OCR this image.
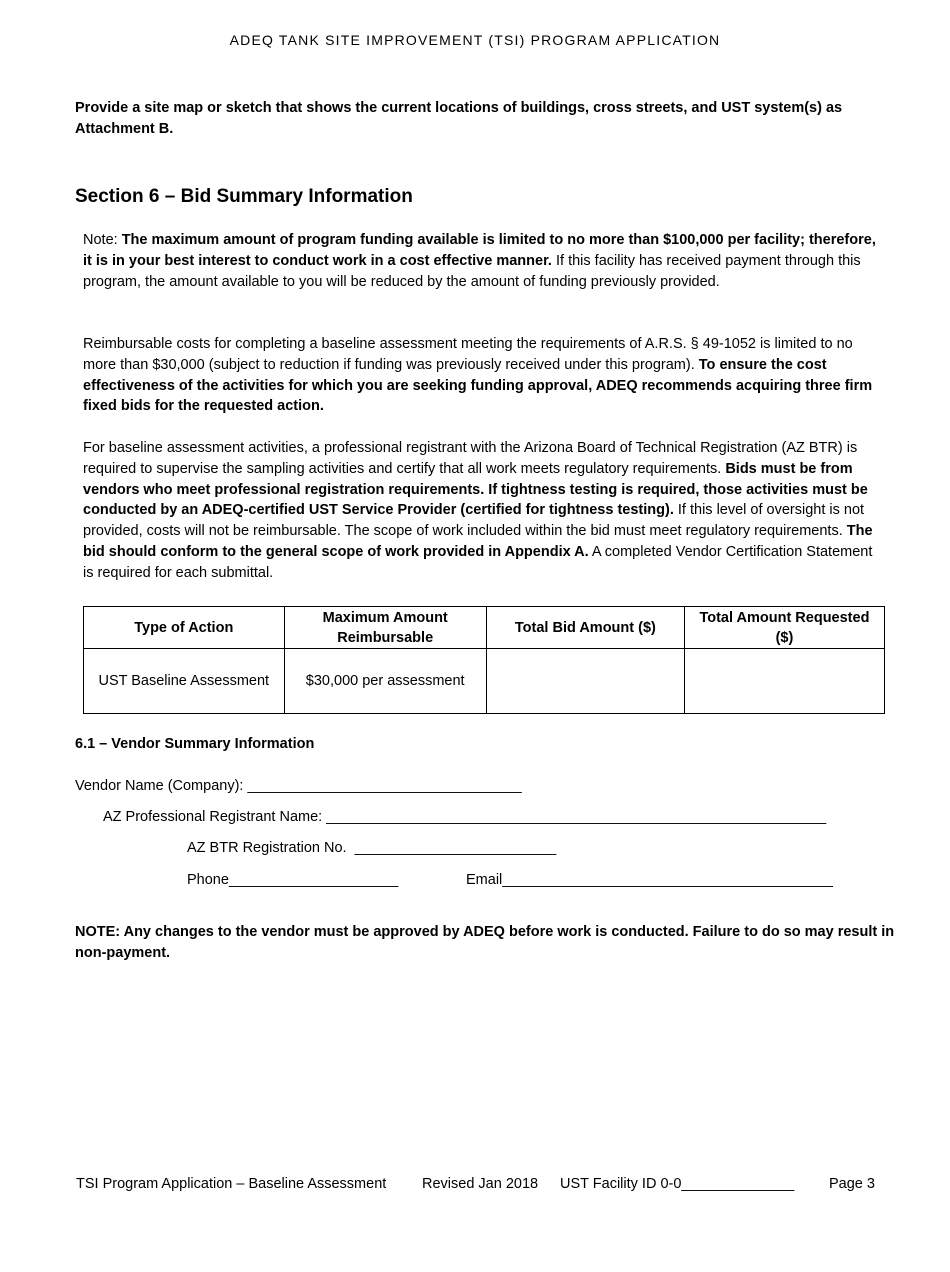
ADEQ TANK SITE IMPROVEMENT (TSI) PROGRAM APPLICATION
Provide a site map or sketch that shows the current locations of buildings, cross streets, and UST system(s) as Attachment B.
Section 6 – Bid Summary Information
Note: The maximum amount of program funding available is limited to no more than $100,000 per facility; therefore, it is in your best interest to conduct work in a cost effective manner. If this facility has received payment through this program, the amount available to you will be reduced by the amount of funding previously provided.
Reimbursable costs for completing a baseline assessment meeting the requirements of A.R.S. § 49-1052 is limited to no more than $30,000 (subject to reduction if funding was previously received under this program). To ensure the cost effectiveness of the activities for which you are seeking funding approval, ADEQ recommends acquiring three firm fixed bids for the requested action.
For baseline assessment activities, a professional registrant with the Arizona Board of Technical Registration (AZ BTR) is required to supervise the sampling activities and certify that all work meets regulatory requirements. Bids must be from vendors who meet professional registration requirements. If tightness testing is required, those activities must be conducted by an ADEQ-certified UST Service Provider (certified for tightness testing). If this level of oversight is not provided, costs will not be reimbursable. The scope of work included within the bid must meet regulatory requirements. The bid should conform to the general scope of work provided in Appendix A. A completed Vendor Certification Statement is required for each submittal.
Type of Action	Maximum Amount Reimbursable	Total Bid Amount ($)	Total Amount Requested ($)
UST Baseline Assessment	$30,000 per assessment		
6.1 – Vendor Summary Information
Vendor Name (Company): __________________________________
AZ Professional Registrant Name: ______________________________________________________________
AZ BTR Registration No.  _________________________
Phone_____________________	Email_________________________________________
NOTE: Any changes to the vendor must be approved by ADEQ before work is conducted. Failure to do so may result in non-payment.

TSI Program Application – Baseline Assessment

Revised Jan 2018

UST Facility ID 0-0______________

Page 3
